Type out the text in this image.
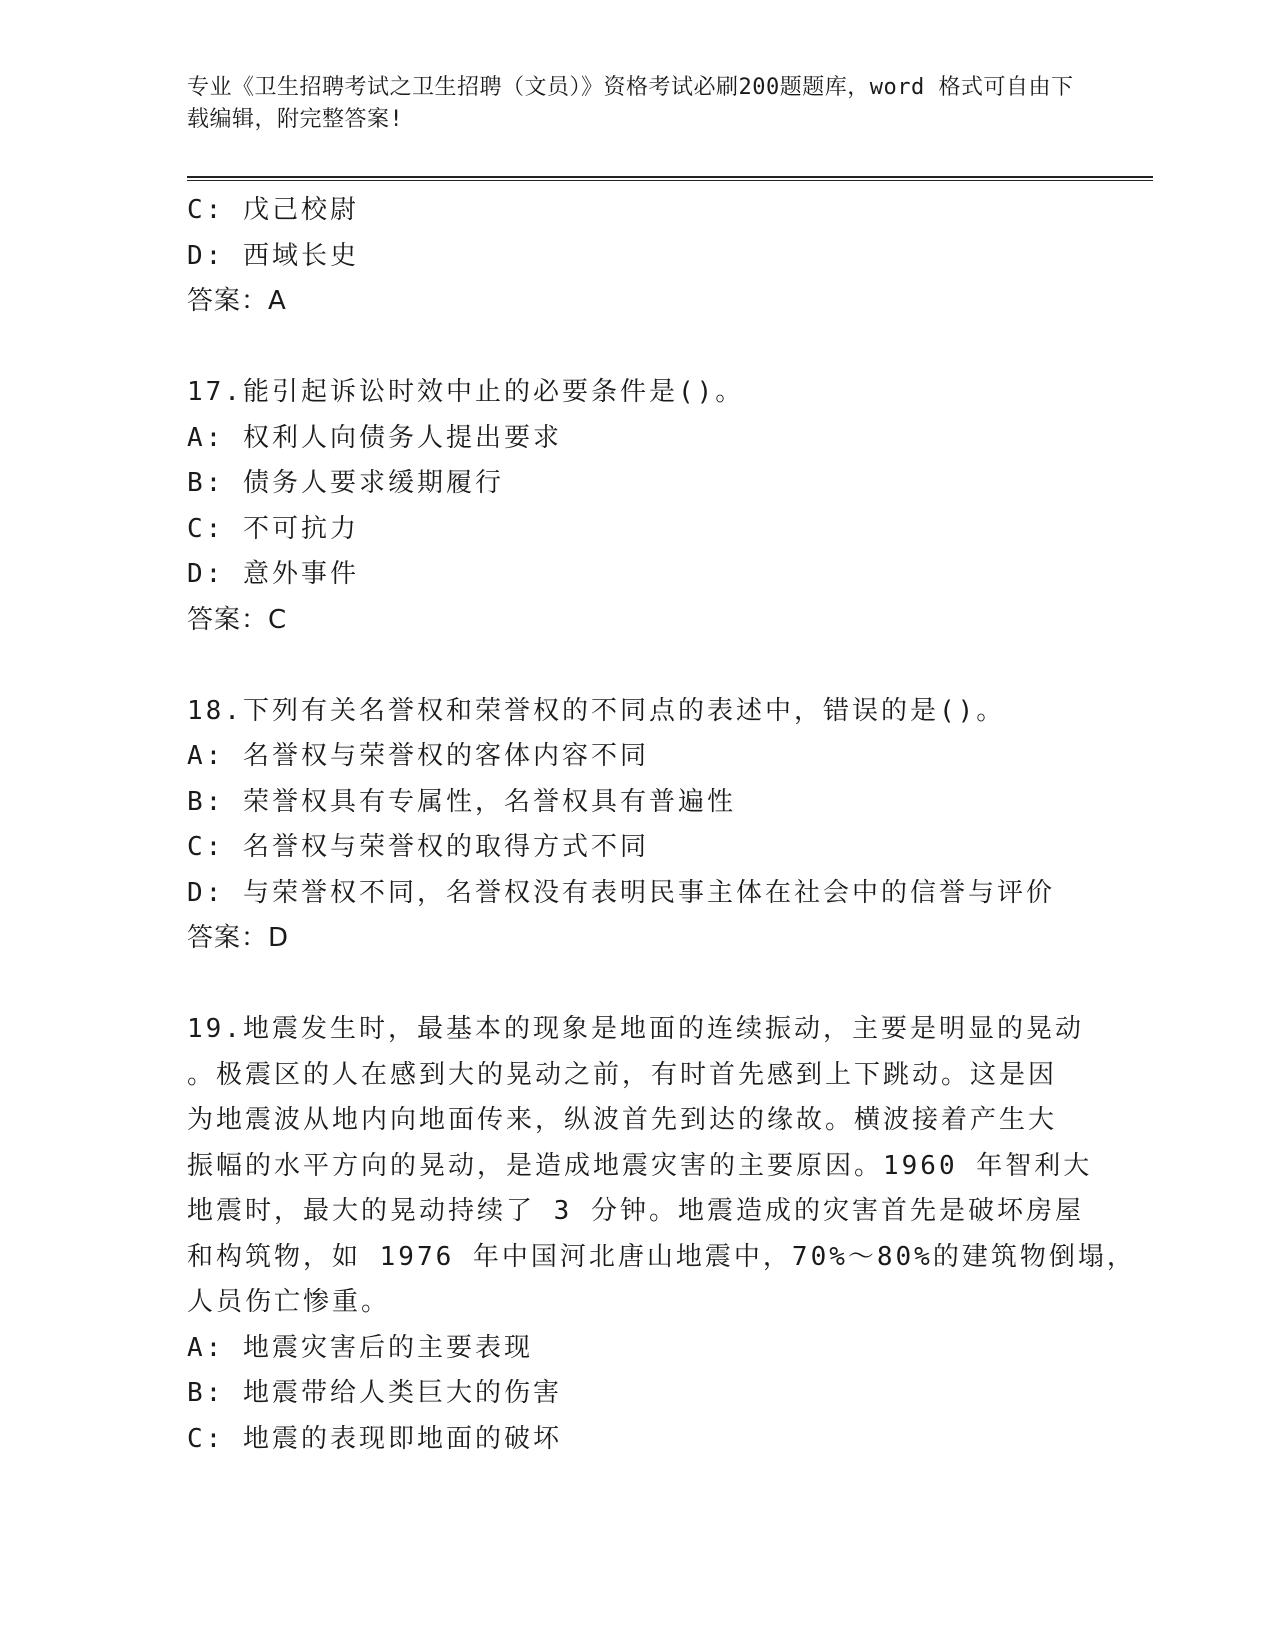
专业《卫生招聘考试之卫生招聘（文员）》资格考试必刷200题题库，word 格式可自由下载编辑，附完整答案!
C: 戊己校尉
D: 西域长史
答案：A
17.能引起诉讼时效中止的必要条件是()。
A: 权利人向债务人提出要求
B: 债务人要求缓期履行
C: 不可抗力
D: 意外事件
答案：C
18.下列有关名誉权和荣誉权的不同点的表述中，错误的是()。
A: 名誉权与荣誉权的客体内容不同
B: 荣誉权具有专属性，名誉权具有普遍性
C: 名誉权与荣誉权的取得方式不同
D: 与荣誉权不同，名誉权没有表明民事主体在社会中的信誉与评价
答案：D
19.地震发生时，最基本的现象是地面的连续振动，主要是明显的晃动
。极震区的人在感到大的晃动之前，有时首先感到上下跳动。这是因
为地震波从地内向地面传来，纵波首先到达的缘故。横波接着产生大
振幅的水平方向的晃动，是造成地震灾害的主要原因。1960 年智利大
地震时，最大的晃动持续了 3 分钟。地震造成的灾害首先是破坏房屋
和构筑物，如 1976 年中国河北唐山地震中，70%～80%的建筑物倒塌，
人员伤亡惨重。
A: 地震灾害后的主要表现
B: 地震带给人类巨大的伤害
C: 地震的表现即地面的破坏
